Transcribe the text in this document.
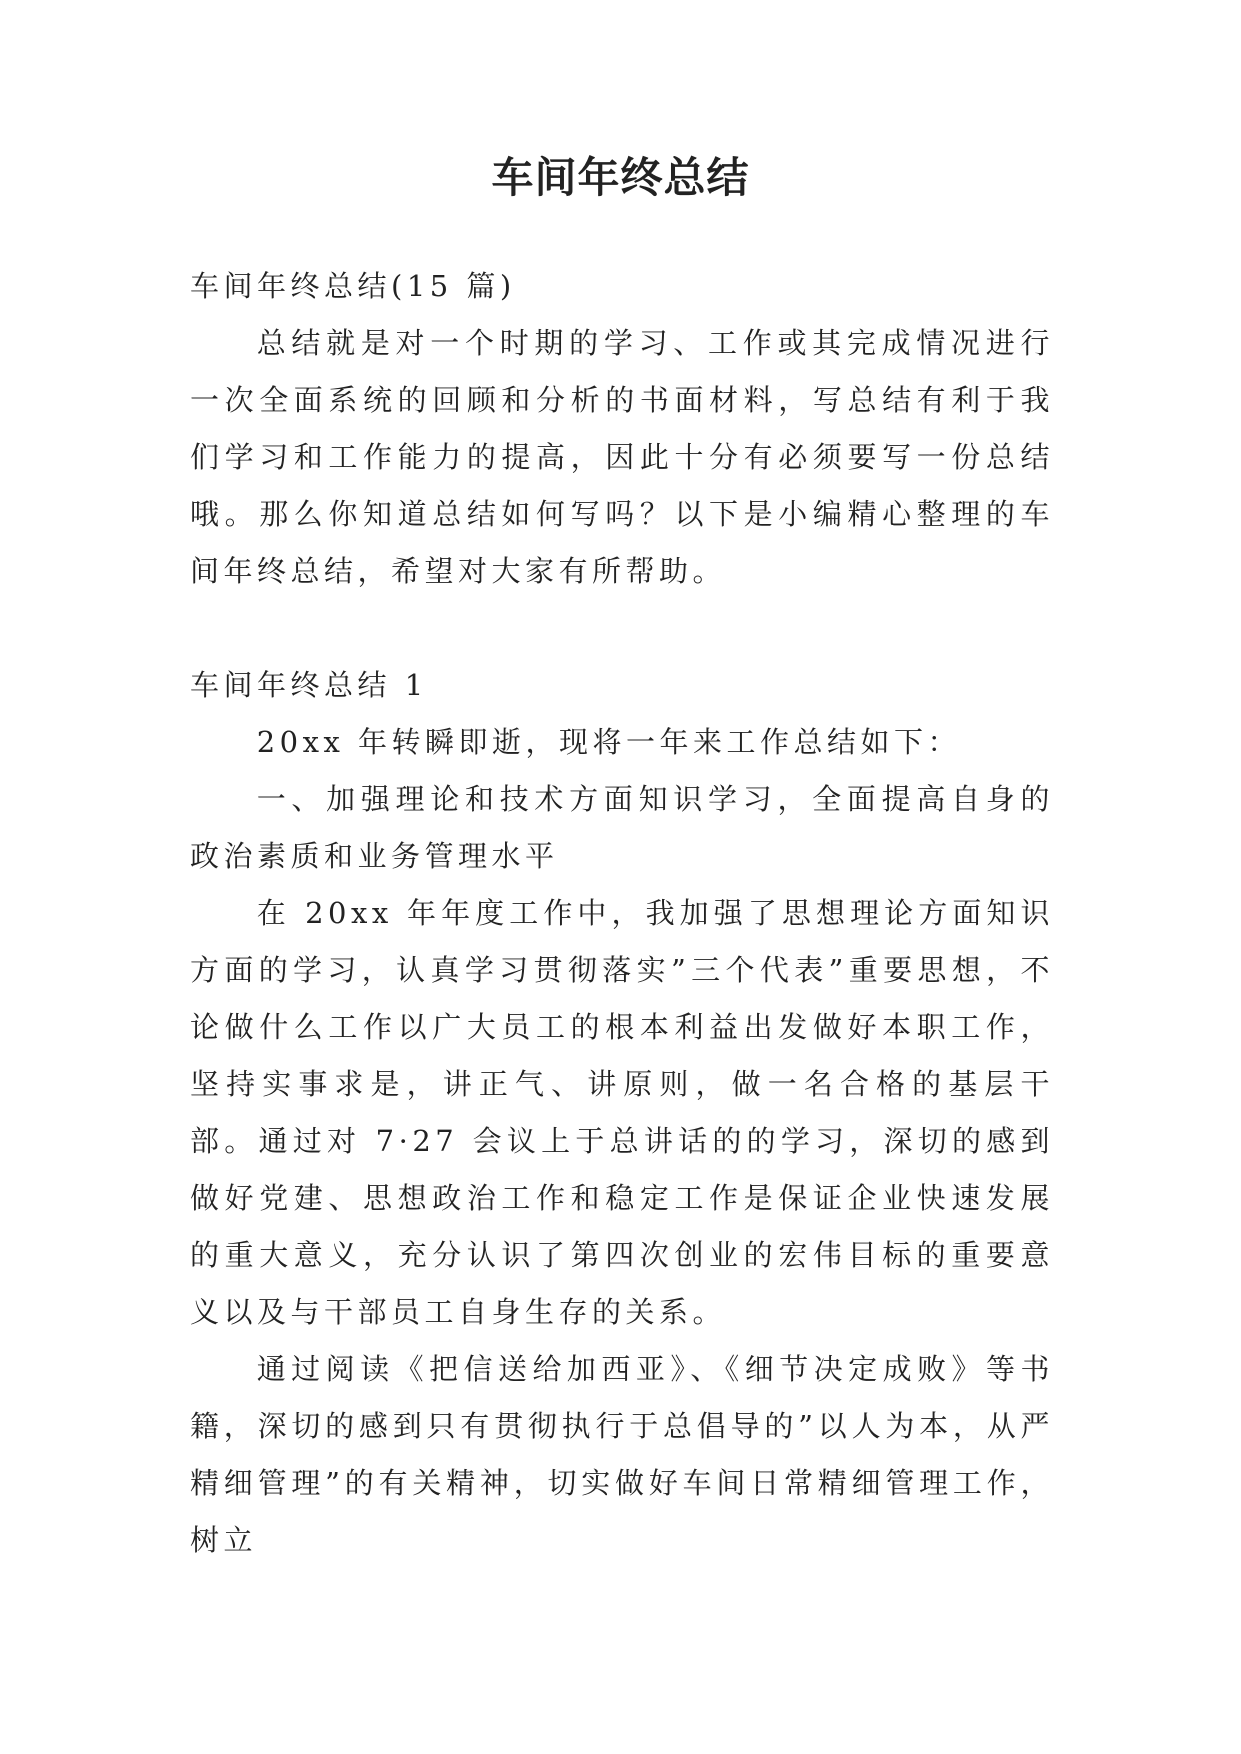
车间年终总结

车间年终总结(15 篇)

总结就是对一个时期的学习、工作或其完成情况进行一次全面系统的回顾和分析的书面材料，写总结有利于我们学习和工作能力的提高，因此十分有必须要写一份总结哦。那么你知道总结如何写吗？以下是小编精心整理的车间年终总结，希望对大家有所帮助。

车间年终总结 1

20xx 年转瞬即逝，现将一年来工作总结如下：

一、加强理论和技术方面知识学习，全面提高自身的政治素质和业务管理水平

在 20xx 年年度工作中，我加强了思想理论方面知识方面的学习，认真学习贯彻落实”三个代表”重要思想，不论做什么工作以广大员工的根本利益出发做好本职工作，坚持实事求是，讲正气、讲原则，做一名合格的基层干部。通过对 7·27 会议上于总讲话的的学习，深切的感到做好党建、思想政治工作和稳定工作是保证企业快速发展的重大意义，充分认识了第四次创业的宏伟目标的重要意义以及与干部员工自身生存的关系。

通过阅读《把信送给加西亚》、《细节决定成败》等书籍，深切的感到只有贯彻执行于总倡导的”以人为本，从严精细管理”的有关精神，切实做好车间日常精细管理工作，树立
